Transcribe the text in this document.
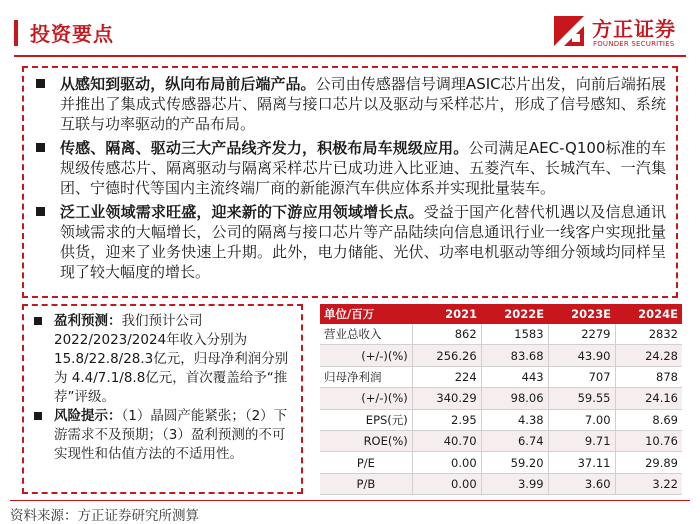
投资要点	方正证券
FOUNDER SECURITIES
从感知到驱动，纵向布局前后端产品。公司由传感器信号调理ASIC芯片出发，向前后端拓展并推出了集成式传感器芯片、隔离与接口芯片以及驱动与采样芯片，形成了信号感知、系统互联与功率驱动的产品布局。
传感、隔离、驱动三大产品线齐发力，积极布局车规级应用。公司满足AEC-Q100标准的车规级传感芯片、隔离驱动与隔离采样芯片已成功进入比亚迪、五菱汽车、长城汽车、一汽集团、宁德时代等国内主流终端厂商的新能源汽车供应体系并实现批量装车。
泛工业领域需求旺盛，迎来新的下游应用领域增长点。受益于国产化替代机遇以及信息通讯领域需求的大幅增长，公司的隔离与接口芯片等产品陆续向信息通讯行业一线客户实现批量供货，迎来了业务快速上升期。此外，电力储能、光伏、功率电机驱动等细分领域均同样呈现了较大幅度的增长。
盈利预测：我们预计公司2022/2023/2024年收入分别为15.8/22.8/28.3亿元，归母净利润分别为 4.4/7.1/8.8亿元，首次覆盖给予“推荐”评级。
风险提示：（1）晶圆产能紧张；（2）下游需求不及预期；（3）盈利预测的不可实现性和估值方法的不适用性。
单位/百万	2021	2022E	2023E	2024E
营业总收入	862	1583	2279	2832
(+/-)(%)	256.26	83.68	43.90	24.28
归母净利润	224	443	707	878
(+/-)(%)	340.29	98.06	59.55	24.16
EPS(元)	2.95	4.38	7.00	8.69
ROE(%)	40.70	6.74	9.71	10.76
P/E	0.00	59.20	37.11	29.89
P/B	0.00	3.99	3.60	3.22
资料来源：方正证券研究所测算
